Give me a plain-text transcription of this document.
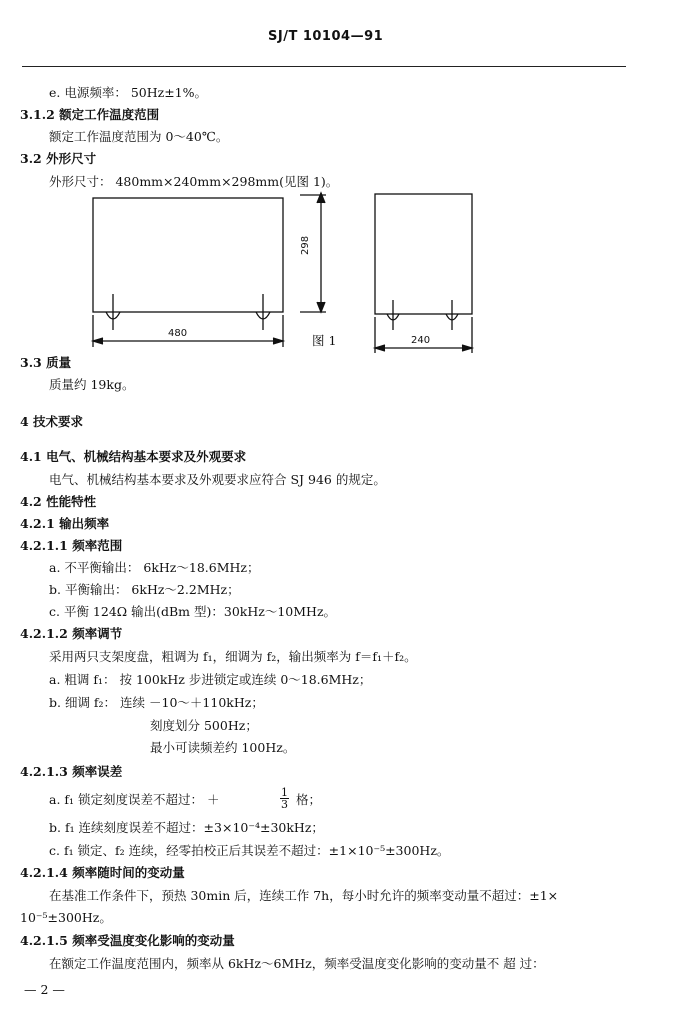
SJ/T 10104—91
e. 电源频率： 50Hz±1%。
3.1.2 额定工作温度范围
额定工作温度范围为 0～40℃。
3.2 外形尺寸
外形尺寸： 480mm×240mm×298mm(见图 1)。
480
298
240
图 1
3.3 质量
质量约 19kg。
4 技术要求
4.1 电气、机械结构基本要求及外观要求
电气、机械结构基本要求及外观要求应符合 SJ 946 的规定。
4.2 性能特性
4.2.1 输出频率
4.2.1.1 频率范围
a. 不平衡输出： 6kHz～18.6MHz；
b. 平衡输出： 6kHz～2.2MHz；
c. 平衡 124Ω 输出(dBm 型)：30kHz～10MHz。
4.2.1.2 频率调节
采用两只支架度盘，粗调为 f₁，细调为 f₂，输出频率为 f＝f₁＋f₂。
a. 粗调 f₁： 按 100kHz 步进锁定或连续 0～18.6MHz；
b. 细调 f₂： 连续 －10～＋110kHz；
刻度划分 500Hz；
最小可读频差约 100Hz。
4.2.1.3 频率误差
a. f₁ 锁定刻度误差不超过： ＋	$\frac{1}{3}$ 格；
b. f₁ 连续刻度误差不超过：±3×10⁻⁴±30kHz；
c. f₁ 锁定、f₂ 连续，经零拍校正后其误差不超过：±1×10⁻⁵±300Hz。
4.2.1.4 频率随时间的变动量
在基准工作条件下，预热 30min 后，连续工作 7h，每小时允许的频率变动量不超过：±1×
10⁻⁵±300Hz。
4.2.1.5 频率受温度变化影响的变动量
在额定工作温度范围内，频率从 6kHz～6MHz，频率受温度变化影响的变动量不 超 过：
— 2 —
